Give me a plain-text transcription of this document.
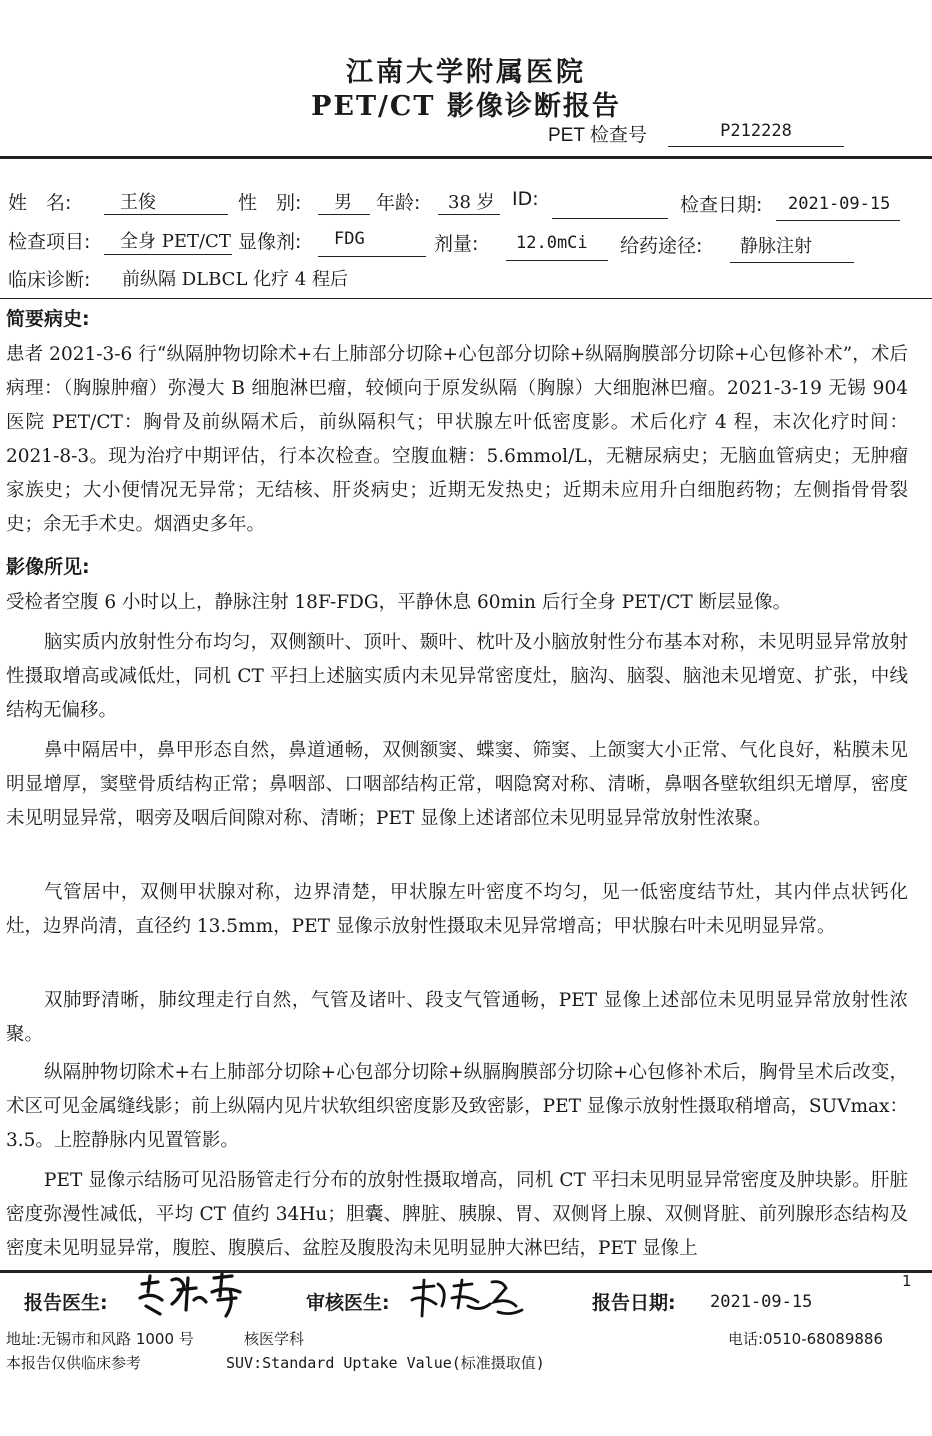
江南大学附属医院
PET/CT 影像诊断报告
PET 检查号	P212228
姓　名:	王俊	性　别: 男 年龄: 38 岁 ID:	检查日期: 2021-09-15
检查项目: 全身 PET/CT 显像剂: FDG	剂量: 12.0mCi 给药途径: 静脉注射
临床诊断: 前纵隔 DLBCL 化疗 4 程后
简要病史:
患者 2021-3-6 行“纵隔肿物切除术+右上肺部分切除+心包部分切除+纵隔胸膜部分切除+心包修补术”，术后病理：（胸腺肿瘤）弥漫大 B 细胞淋巴瘤，较倾向于原发纵隔（胸腺）大细胞淋巴瘤。2021-3-19 无锡 904 医院 PET/CT：胸骨及前纵隔术后，前纵隔积气；甲状腺左叶低密度影。术后化疗 4 程，末次化疗时间：2021-8-3。现为治疗中期评估，行本次检查。空腹血糖：5.6mmol/L，无糖尿病史；无脑血管病史；无肿瘤家族史；大小便情况无异常；无结核、肝炎病史；近期无发热史；近期未应用升白细胞药物；左侧指骨骨裂史；余无手术史。烟酒史多年。
影像所见:
受检者空腹 6 小时以上，静脉注射 18F-FDG，平静休息 60min 后行全身 PET/CT 断层显像。
脑实质内放射性分布均匀，双侧额叶、顶叶、颞叶、枕叶及小脑放射性分布基本对称，未见明显异常放射性摄取增高或减低灶，同机 CT 平扫上述脑实质内未见异常密度灶，脑沟、脑裂、脑池未见增宽、扩张，中线结构无偏移。
鼻中隔居中，鼻甲形态自然，鼻道通畅，双侧额窦、蝶窦、筛窦、上颌窦大小正常、气化良好，粘膜未见明显增厚，窦壁骨质结构正常；鼻咽部、口咽部结构正常，咽隐窝对称、清晰，鼻咽各壁软组织无增厚，密度未见明显异常，咽旁及咽后间隙对称、清晰；PET 显像上述诸部位未见明显异常放射性浓聚。
气管居中，双侧甲状腺对称，边界清楚，甲状腺左叶密度不均匀，见一低密度结节灶，其内伴点状钙化灶，边界尚清，直径约 13.5mm，PET 显像示放射性摄取未见异常增高；甲状腺右叶未见明显异常。
双肺野清晰，肺纹理走行自然，气管及诸叶、段支气管通畅，PET 显像上述部位未见明显异常放射性浓聚。
纵隔肿物切除术+右上肺部分切除+心包部分切除+纵膈胸膜部分切除+心包修补术后，胸骨呈术后改变，术区可见金属缝线影；前上纵隔内见片状软组织密度影及致密影，PET 显像示放射性摄取稍增高，SUVmax：3.5。上腔静脉内见置管影。
PET 显像示结肠可见沿肠管走行分布的放射性摄取增高，同机 CT 平扫未见明显异常密度及肿块影。肝脏密度弥漫性减低，平均 CT 值约 34Hu；胆囊、脾脏、胰腺、胃、双侧肾上腺、双侧肾脏、前列腺形态结构及密度未见明显异常，腹腔、腹膜后、盆腔及腹股沟未见明显肿大淋巴结，PET 显像上
1
报告医生:	审核医生:	报告日期: 2021-09-15
地址:无锡市和风路 1000 号	核医学科	电话:0510-68089886
本报告仅供临床参考	SUV:Standard Uptake Value(标准摄取值)
